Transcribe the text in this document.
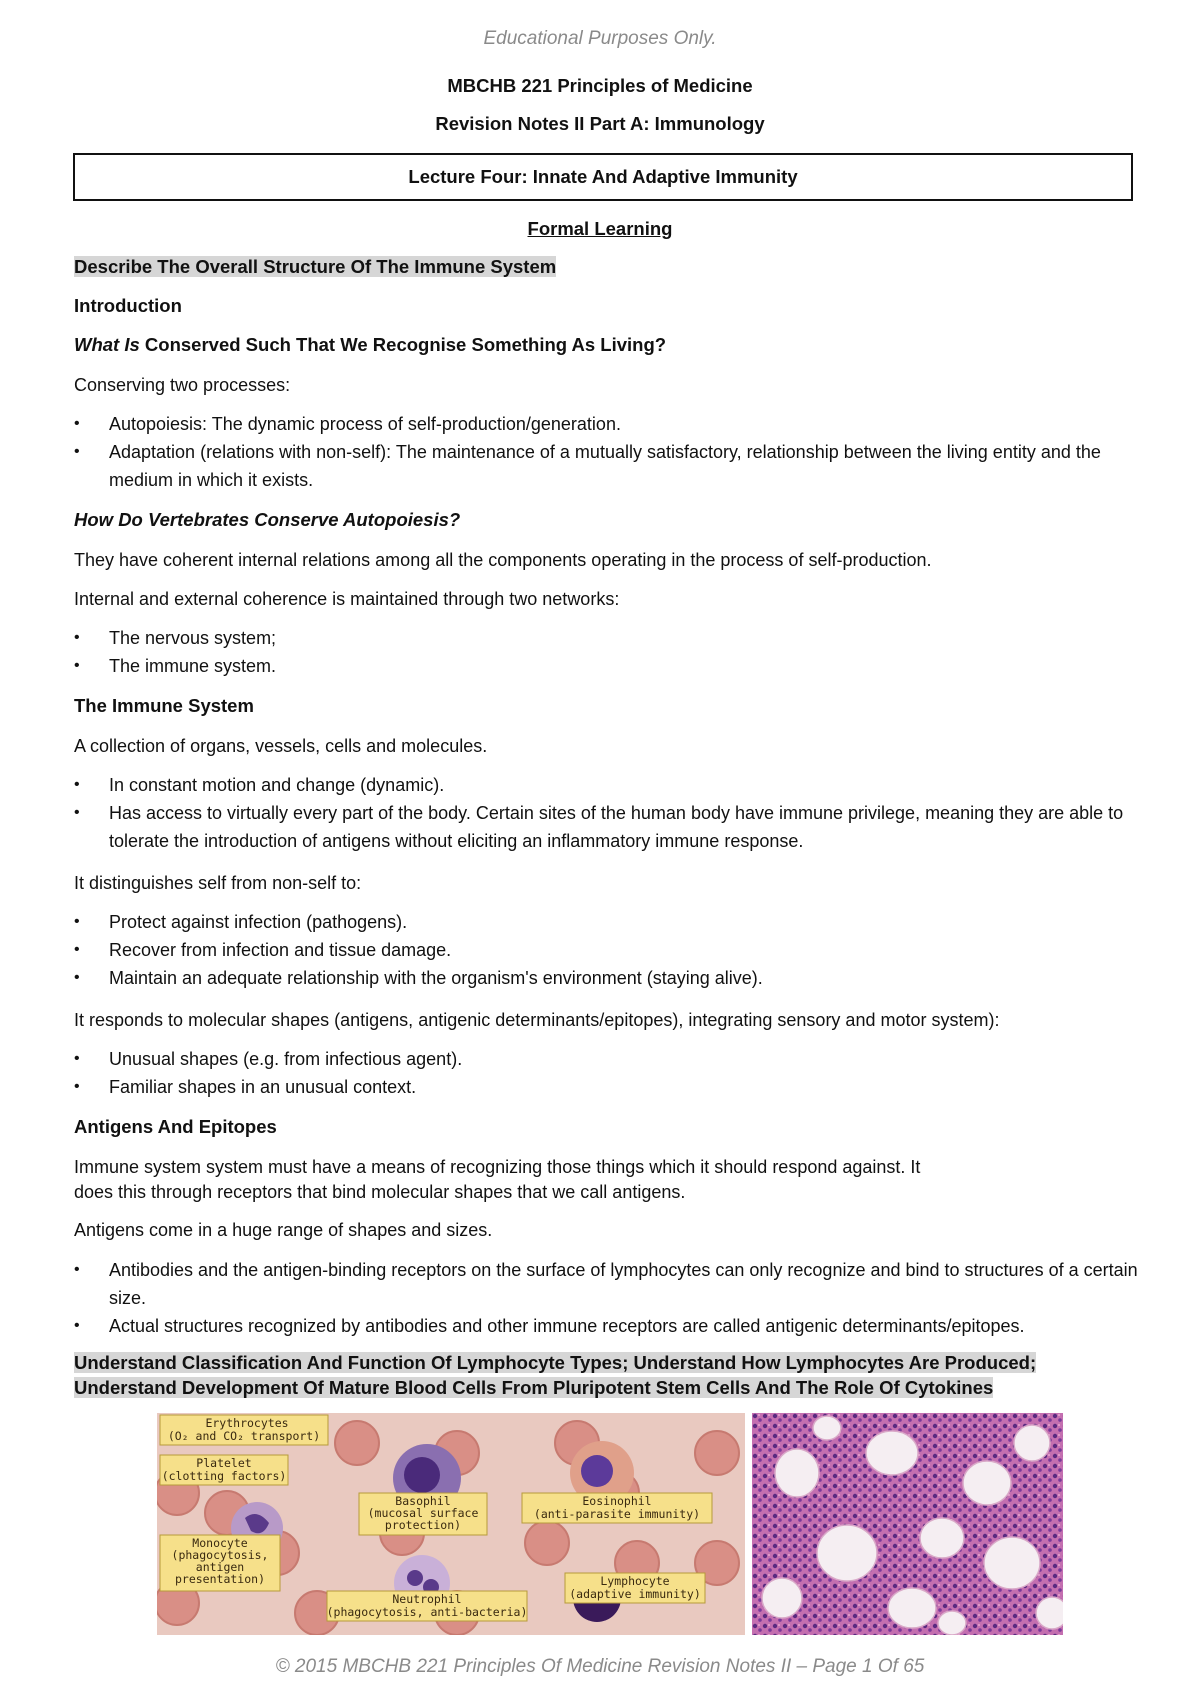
Educational Purposes Only.
MBCHB 221 Principles of Medicine
Revision Notes II Part A: Immunology
Lecture Four: Innate And Adaptive Immunity
Formal Learning
Describe The Overall Structure Of The Immune System
Introduction
What Is Conserved Such That We Recognise Something As Living?
Conserving two processes:
• Autopoiesis: The dynamic process of self-production/generation.
• Adaptation (relations with non-self): The maintenance of a mutually satisfactory, relationship between the living entity and the medium in which it exists.
How Do Vertebrates Conserve Autopoiesis?
They have coherent internal relations among all the components operating in the process of self-production.
Internal and external coherence is maintained through two networks:
• The nervous system;
• The immune system.
The Immune System
A collection of organs, vessels, cells and molecules.
• In constant motion and change (dynamic).
• Has access to virtually every part of the body. Certain sites of the human body have immune privilege, meaning they are able to tolerate the introduction of antigens without eliciting an inflammatory immune response.
It distinguishes self from non-self to:
• Protect against infection (pathogens).
• Recover from infection and tissue damage.
• Maintain an adequate relationship with the organism's environment (staying alive).
It responds to molecular shapes (antigens, antigenic determinants/epitopes), integrating sensory and motor system):
• Unusual shapes (e.g. from infectious agent).
• Familiar shapes in an unusual context.
Antigens And Epitopes
Immune system system must have a means of recognizing those things which it should respond against. It
does this through receptors that bind molecular shapes that we call antigens.
Antigens come in a huge range of shapes and sizes.
• Antibodies and the antigen-binding receptors on the surface of lymphocytes can only recognize and bind to structures of a certain size.
• Actual structures recognized by antibodies and other immune receptors are called antigenic determinants/epitopes.
Understand Classification And Function Of Lymphocyte Types; Understand How Lymphocytes Are Produced;
Understand Development Of Mature Blood Cells From Pluripotent Stem Cells And The Role Of Cytokines
Erythrocytes
(O₂ and CO₂ transport)
Platelet
(clotting factors)
Basophil
(mucosal surface
protection)
Eosinophil
(anti-parasite immunity)
Monocyte
(phagocytosis,
antigen
presentation)	Lymphocyte
(adaptive immunity)
Neutrophil
(phagocytosis, anti-bacteria)
© 2015 MBCHB 221 Principles Of Medicine Revision Notes II – Page 1 Of 65
